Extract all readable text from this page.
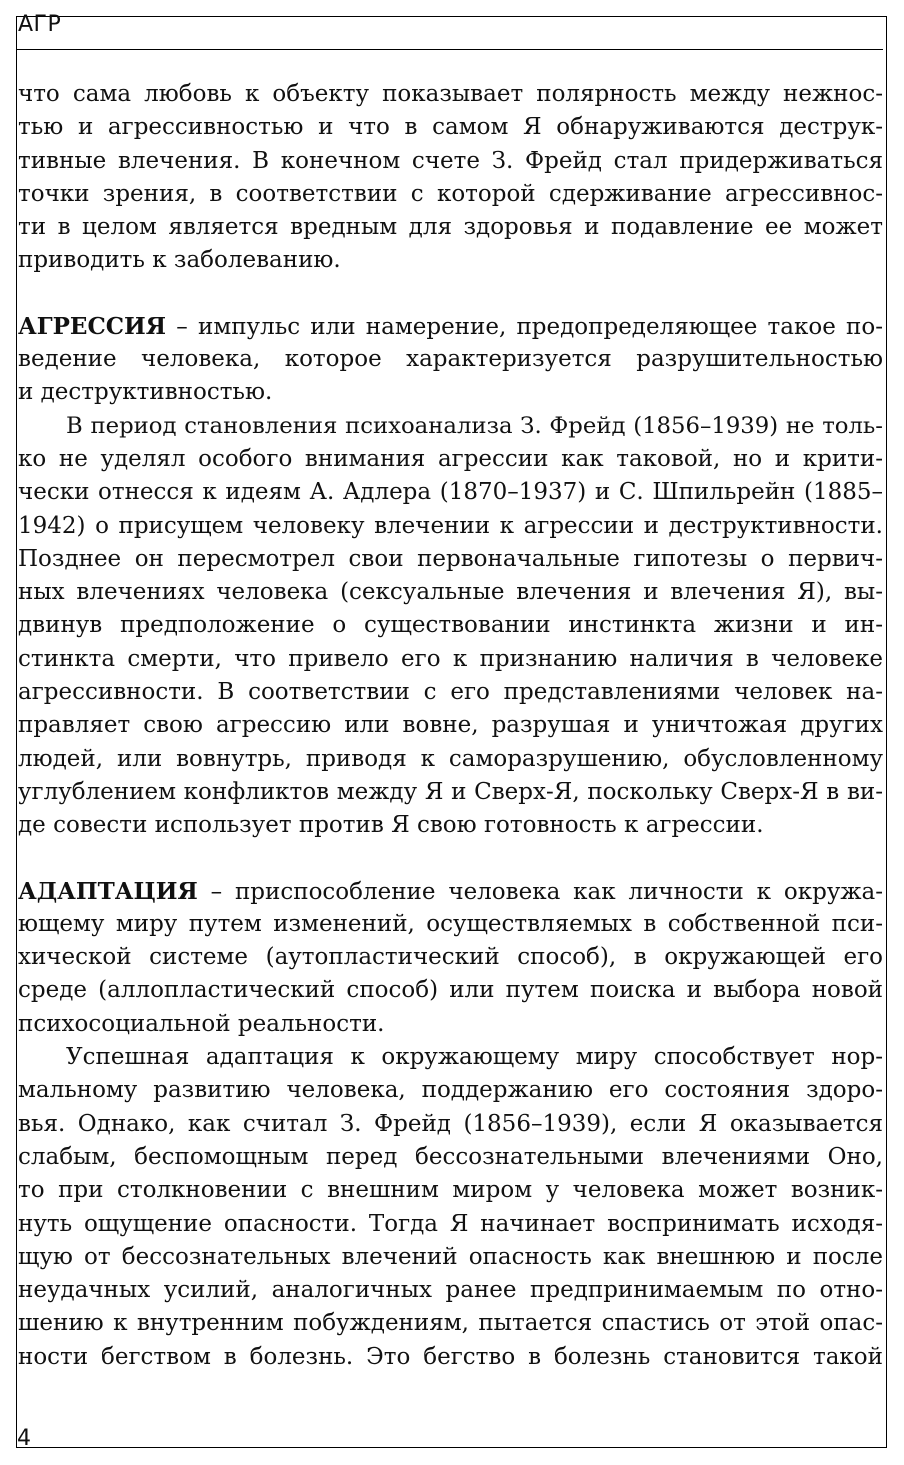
АГР
что сама любовь к объекту показывает полярность между нежнос-
тью и агрессивностью и что в самом Я обнаруживаются деструк-
тивные влечения. В конечном счете З. Фрейд стал придерживаться
точки зрения, в соответствии с которой сдерживание агрессивнос-
ти в целом является вредным для здоровья и подавление ее может
приводить к заболеванию.
АГРЕССИЯ – импульс или намерение, предопределяющее такое по-
ведение человека, которое характеризуется разрушительностью
и деструктивностью.
В период становления психоанализа З. Фрейд (1856–1939) не толь-
ко не уделял особого внимания агрессии как таковой, но и крити-
чески отнесся к идеям А. Адлера (1870–1937) и С. Шпильрейн (1885–
1942) о присущем человеку влечении к агрессии и деструктивности.
Позднее он пересмотрел свои первоначальные гипотезы о первич-
ных влечениях человека (сексуальные влечения и влечения Я), вы-
двинув предположение о существовании инстинкта жизни и ин-
стинкта смерти, что привело его к признанию наличия в человеке
агрессивности. В соответствии с его представлениями человек на-
правляет свою агрессию или вовне, разрушая и уничтожая других
людей, или вовнутрь, приводя к саморазрушению, обусловленному
углублением конфликтов между Я и Сверх-Я, поскольку Сверх-Я в ви-
де совести использует против Я свою готовность к агрессии.
АДАПТАЦИЯ – приспособление человека как личности к окружа-
ющему миру путем изменений, осуществляемых в собственной пси-
хической системе (аутопластический способ), в окружающей его
среде (аллопластический способ) или путем поиска и выбора новой
психосоциальной реальности.
Успешная адаптация к окружающему миру способствует нор-
мальному развитию человека, поддержанию его состояния здоро-
вья. Однако, как считал З. Фрейд (1856–1939), если Я оказывается
слабым, беспомощным перед бессознательными влечениями Оно,
то при столкновении с внешним миром у человека может возник-
нуть ощущение опасности. Тогда Я начинает воспринимать исходя-
щую от бессознательных влечений опасность как внешнюю и после
неудачных усилий, аналогичных ранее предпринимаемым по отно-
шению к внутренним побуждениям, пытается спастись от этой опас-
ности бегством в болезнь. Это бегство в болезнь становится такой
4
